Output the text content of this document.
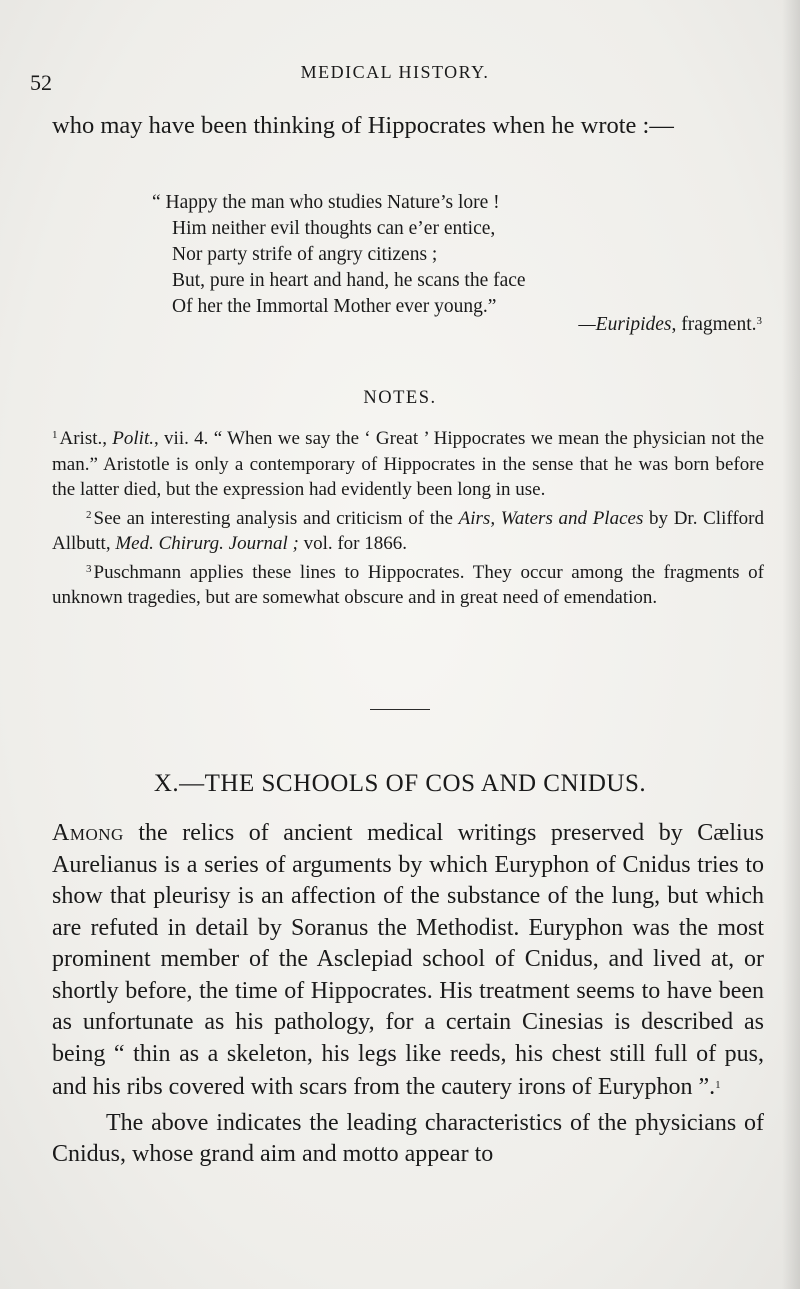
52	MEDICAL HISTORY.
who may have been thinking of Hippocrates when he wrote :—
“ Happy the man who studies Nature’s lore !
Him neither evil thoughts can e’er entice,
Nor party strife of angry citizens ;
But, pure in heart and hand, he scans the face
Of her the Immortal Mother ever young.”
—Euripides, fragment.$^3$
NOTES.

$^1$ Arist., Polit., vii. 4. “ When we say the ‘ Great ’ Hippocrates we mean the physician not the man.” Aristotle is only a contemporary of Hippocrates in the sense that he was born before the latter died, but the expression had evidently been long in use.

$^2$ See an interesting analysis and criticism of the Airs, Waters and Places by Dr. Clifford Allbutt, Med. Chirurg. Journal ; vol. for 1866.

$^3$ Puschmann applies these lines to Hippocrates. They occur among the fragments of unknown tragedies, but are somewhat obscure and in great need of emendation.

X.—THE SCHOOLS OF COS AND CNIDUS.

Among the relics of ancient medical writings preserved by Cælius Aurelianus is a series of arguments by which Euryphon of Cnidus tries to show that pleurisy is an affection of the substance of the lung, but which are refuted in detail by Soranus the Methodist. Euryphon was the most prominent member of the Asclepiad school of Cnidus, and lived at, or shortly before, the time of Hippocrates. His treatment seems to have been as unfortunate as his pathology, for a certain Cinesias is described as being “ thin as a skeleton, his legs like reeds, his chest still full of pus, and his ribs covered with scars from the cautery irons of Euryphon ”.$^1$

The above indicates the leading characteristics of the physicians of Cnidus, whose grand aim and motto appear to
